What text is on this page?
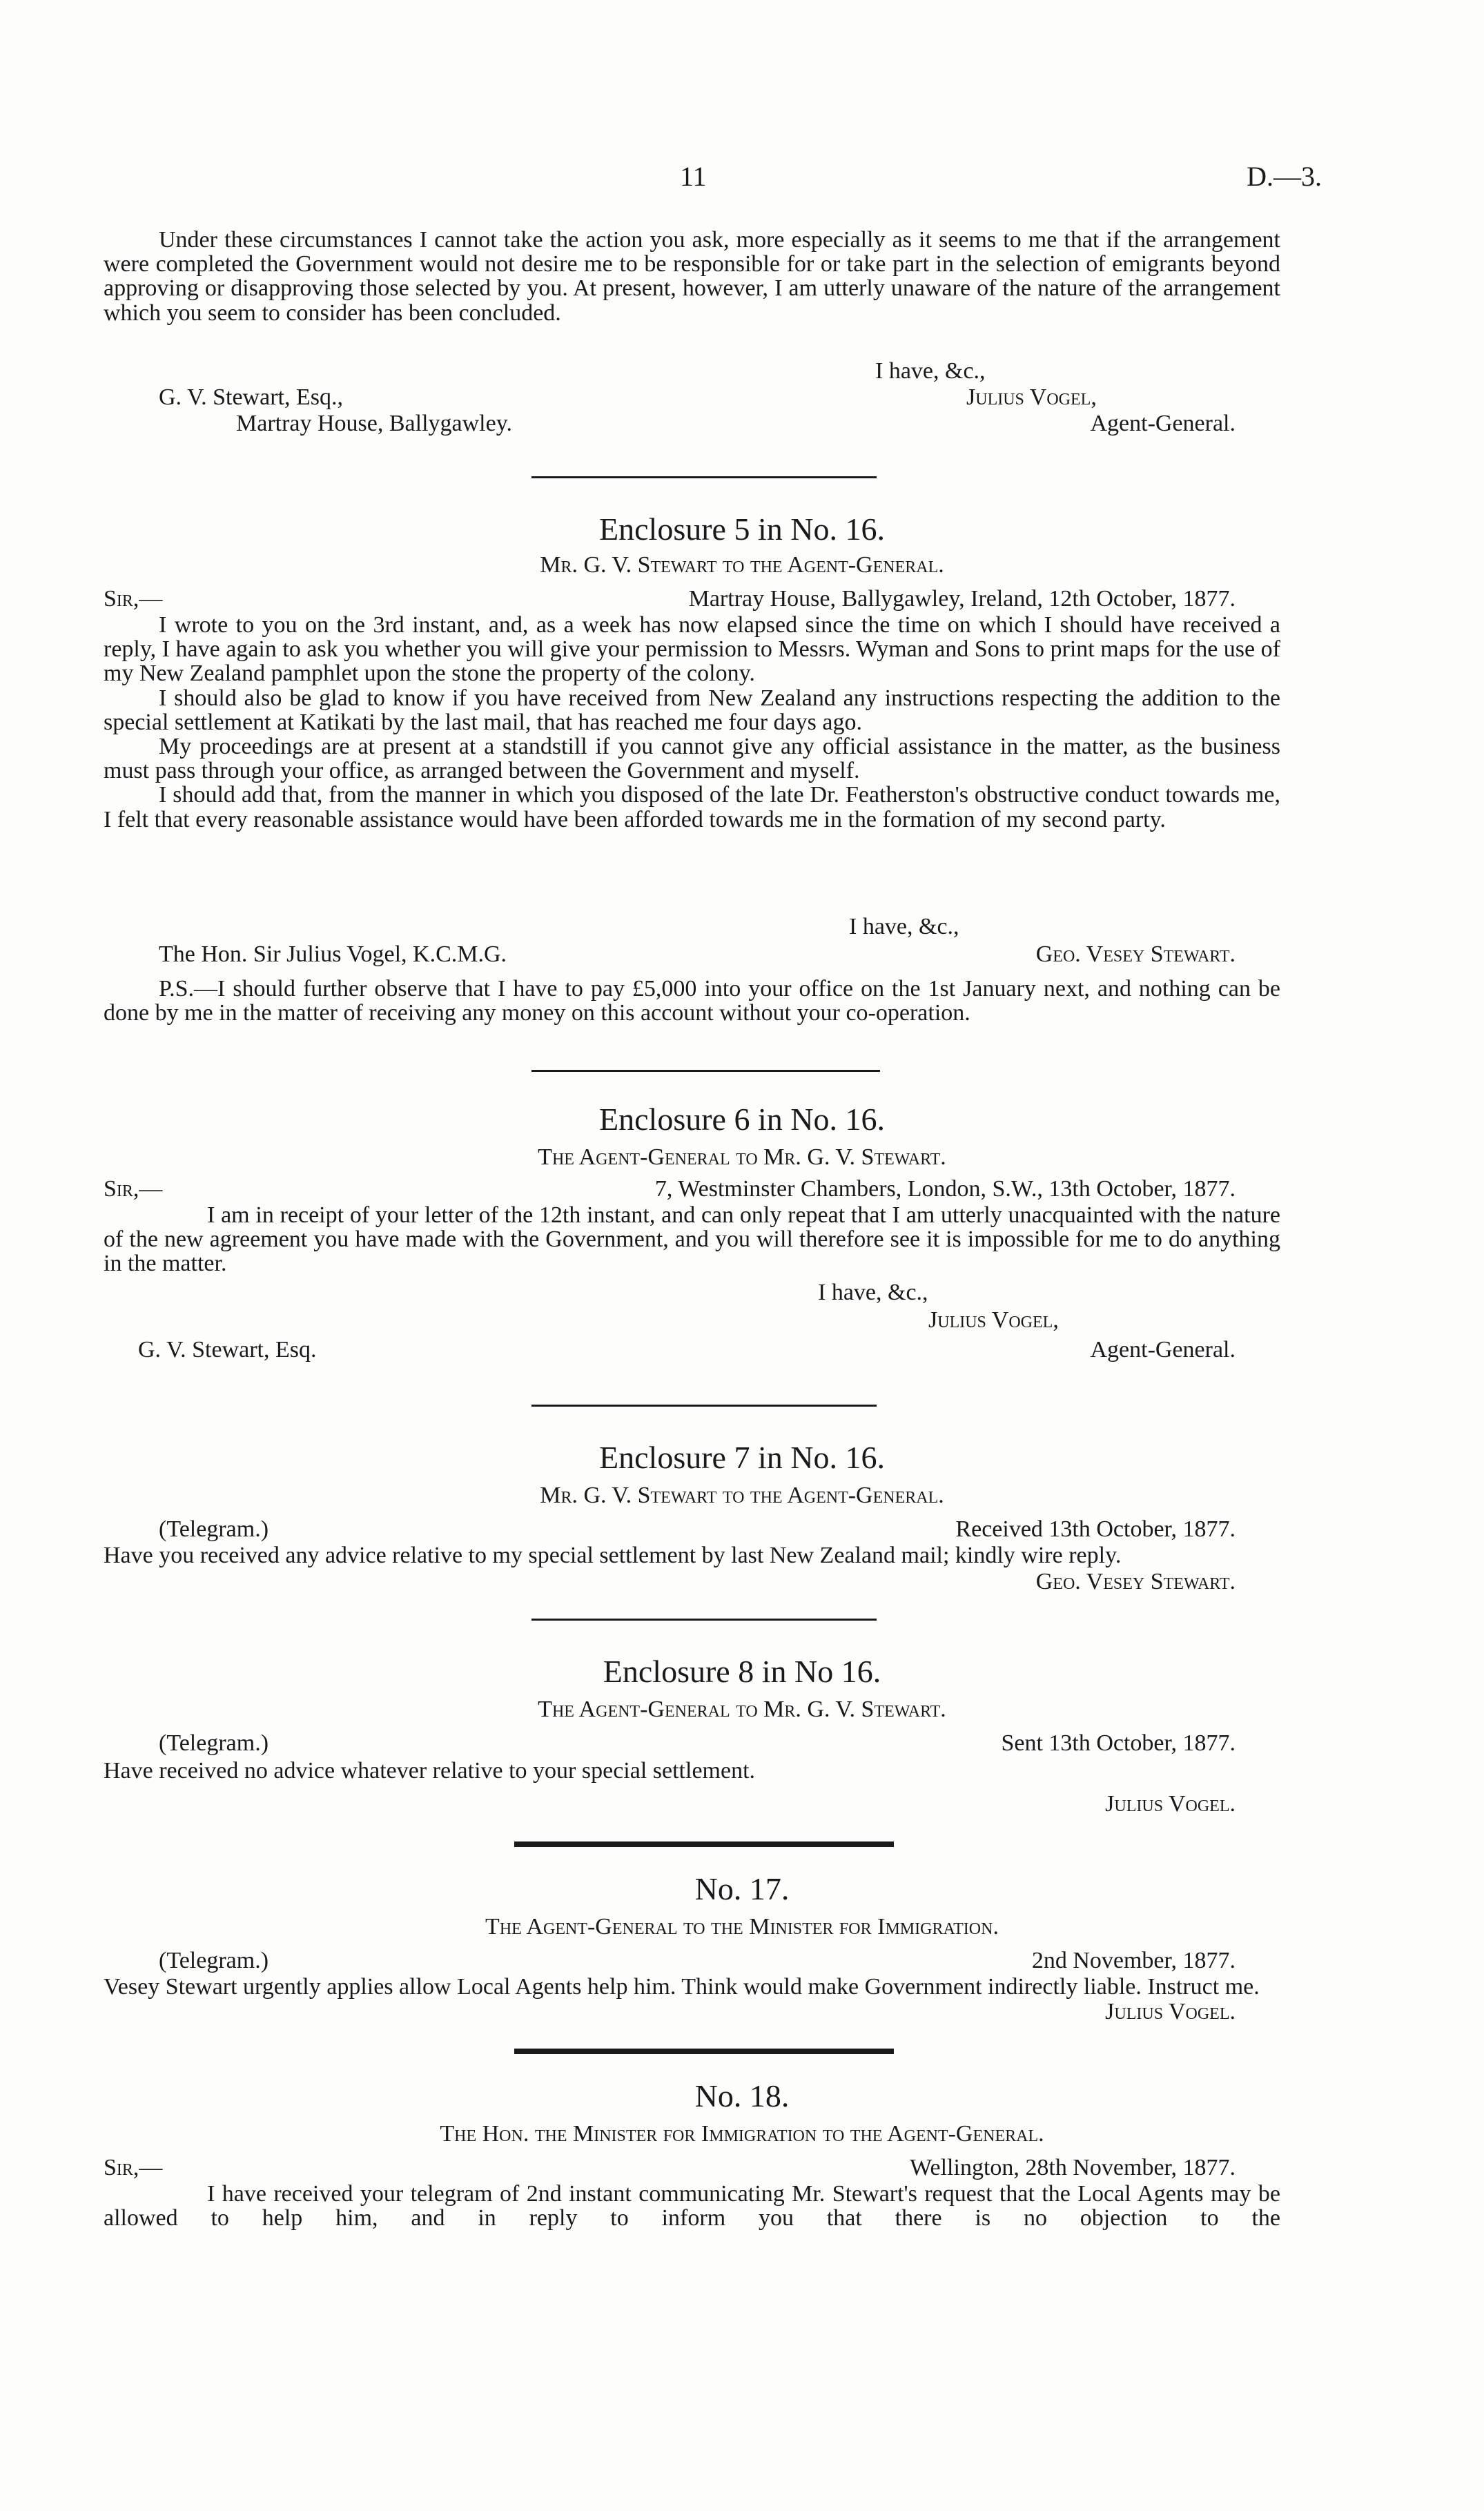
11	D.—3.

Under these circumstances I cannot take the action you ask, more especially as it seems to me that if the arrangement were completed the Government would not desire me to be responsible for or take part in the selection of emigrants beyond approving or disapproving those selected by you. At present, however, I am utterly unaware of the nature of the arrangement which you seem to consider has been concluded.

I have, &c.,
G. V. Stewart, Esq.,	Julius Vogel,
Martray House, Ballygawley.	Agent-General.
Enclosure 5 in No. 16.
Mr. G. V. Stewart to the Agent-General.
Sir,—	Martray House, Ballygawley, Ireland, 12th October, 1877.

I wrote to you on the 3rd instant, and, as a week has now elapsed since the time on which I should have received a reply, I have again to ask you whether you will give your permission to Messrs. Wyman and Sons to print maps for the use of my New Zealand pamphlet upon the stone the property of the colony.

I should also be glad to know if you have received from New Zealand any instructions respecting the addition to the special settlement at Katikati by the last mail, that has reached me four days ago.

My proceedings are at present at a standstill if you cannot give any official assistance in the matter, as the business must pass through your office, as arranged between the Government and myself.

I should add that, from the manner in which you disposed of the late Dr. Featherston's obstructive conduct towards me, I felt that every reasonable assistance would have been afforded towards me in the formation of my second party.

I have, &c.,
The Hon. Sir Julius Vogel, K.C.M.G.	Geo. Vesey Stewart.

P.S.—I should further observe that I have to pay £5,000 into your office on the 1st January next, and nothing can be done by me in the matter of receiving any money on this account without your co-operation.

Enclosure 6 in No. 16.
The Agent-General to Mr. G. V. Stewart.
Sir,—	7, Westminster Chambers, London, S.W., 13th October, 1877.

I am in receipt of your letter of the 12th instant, and can only repeat that I am utterly unacquainted with the nature of the new agreement you have made with the Government, and you will therefore see it is impossible for me to do anything in the matter.

I have, &c.,
Julius Vogel,
G. V. Stewart, Esq.	Agent-General.
Enclosure 7 in No. 16.
Mr. G. V. Stewart to the Agent-General.
(Telegram.)	Received 13th October, 1877.

Have you received any advice relative to my special settlement by last New Zealand mail; kindly wire reply.

Geo. Vesey Stewart.
Enclosure 8 in No 16.
The Agent-General to Mr. G. V. Stewart.
(Telegram.)	Sent 13th October, 1877.
Have received no advice whatever relative to your special settlement.
Julius Vogel.
No. 17.
The Agent-General to the Minister for Immigration.
(Telegram.)	2nd November, 1877.

Vesey Stewart urgently applies allow Local Agents help him. Think would make Government indirectly liable. Instruct me.

Julius Vogel.
No. 18.
The Hon. the Minister for Immigration to the Agent-General.
Sir,—	Wellington, 28th November, 1877.

I have received your telegram of 2nd instant communicating Mr. Stewart's request that the Local Agents may be allowed to help him, and in reply to inform you that there is no objection to the
